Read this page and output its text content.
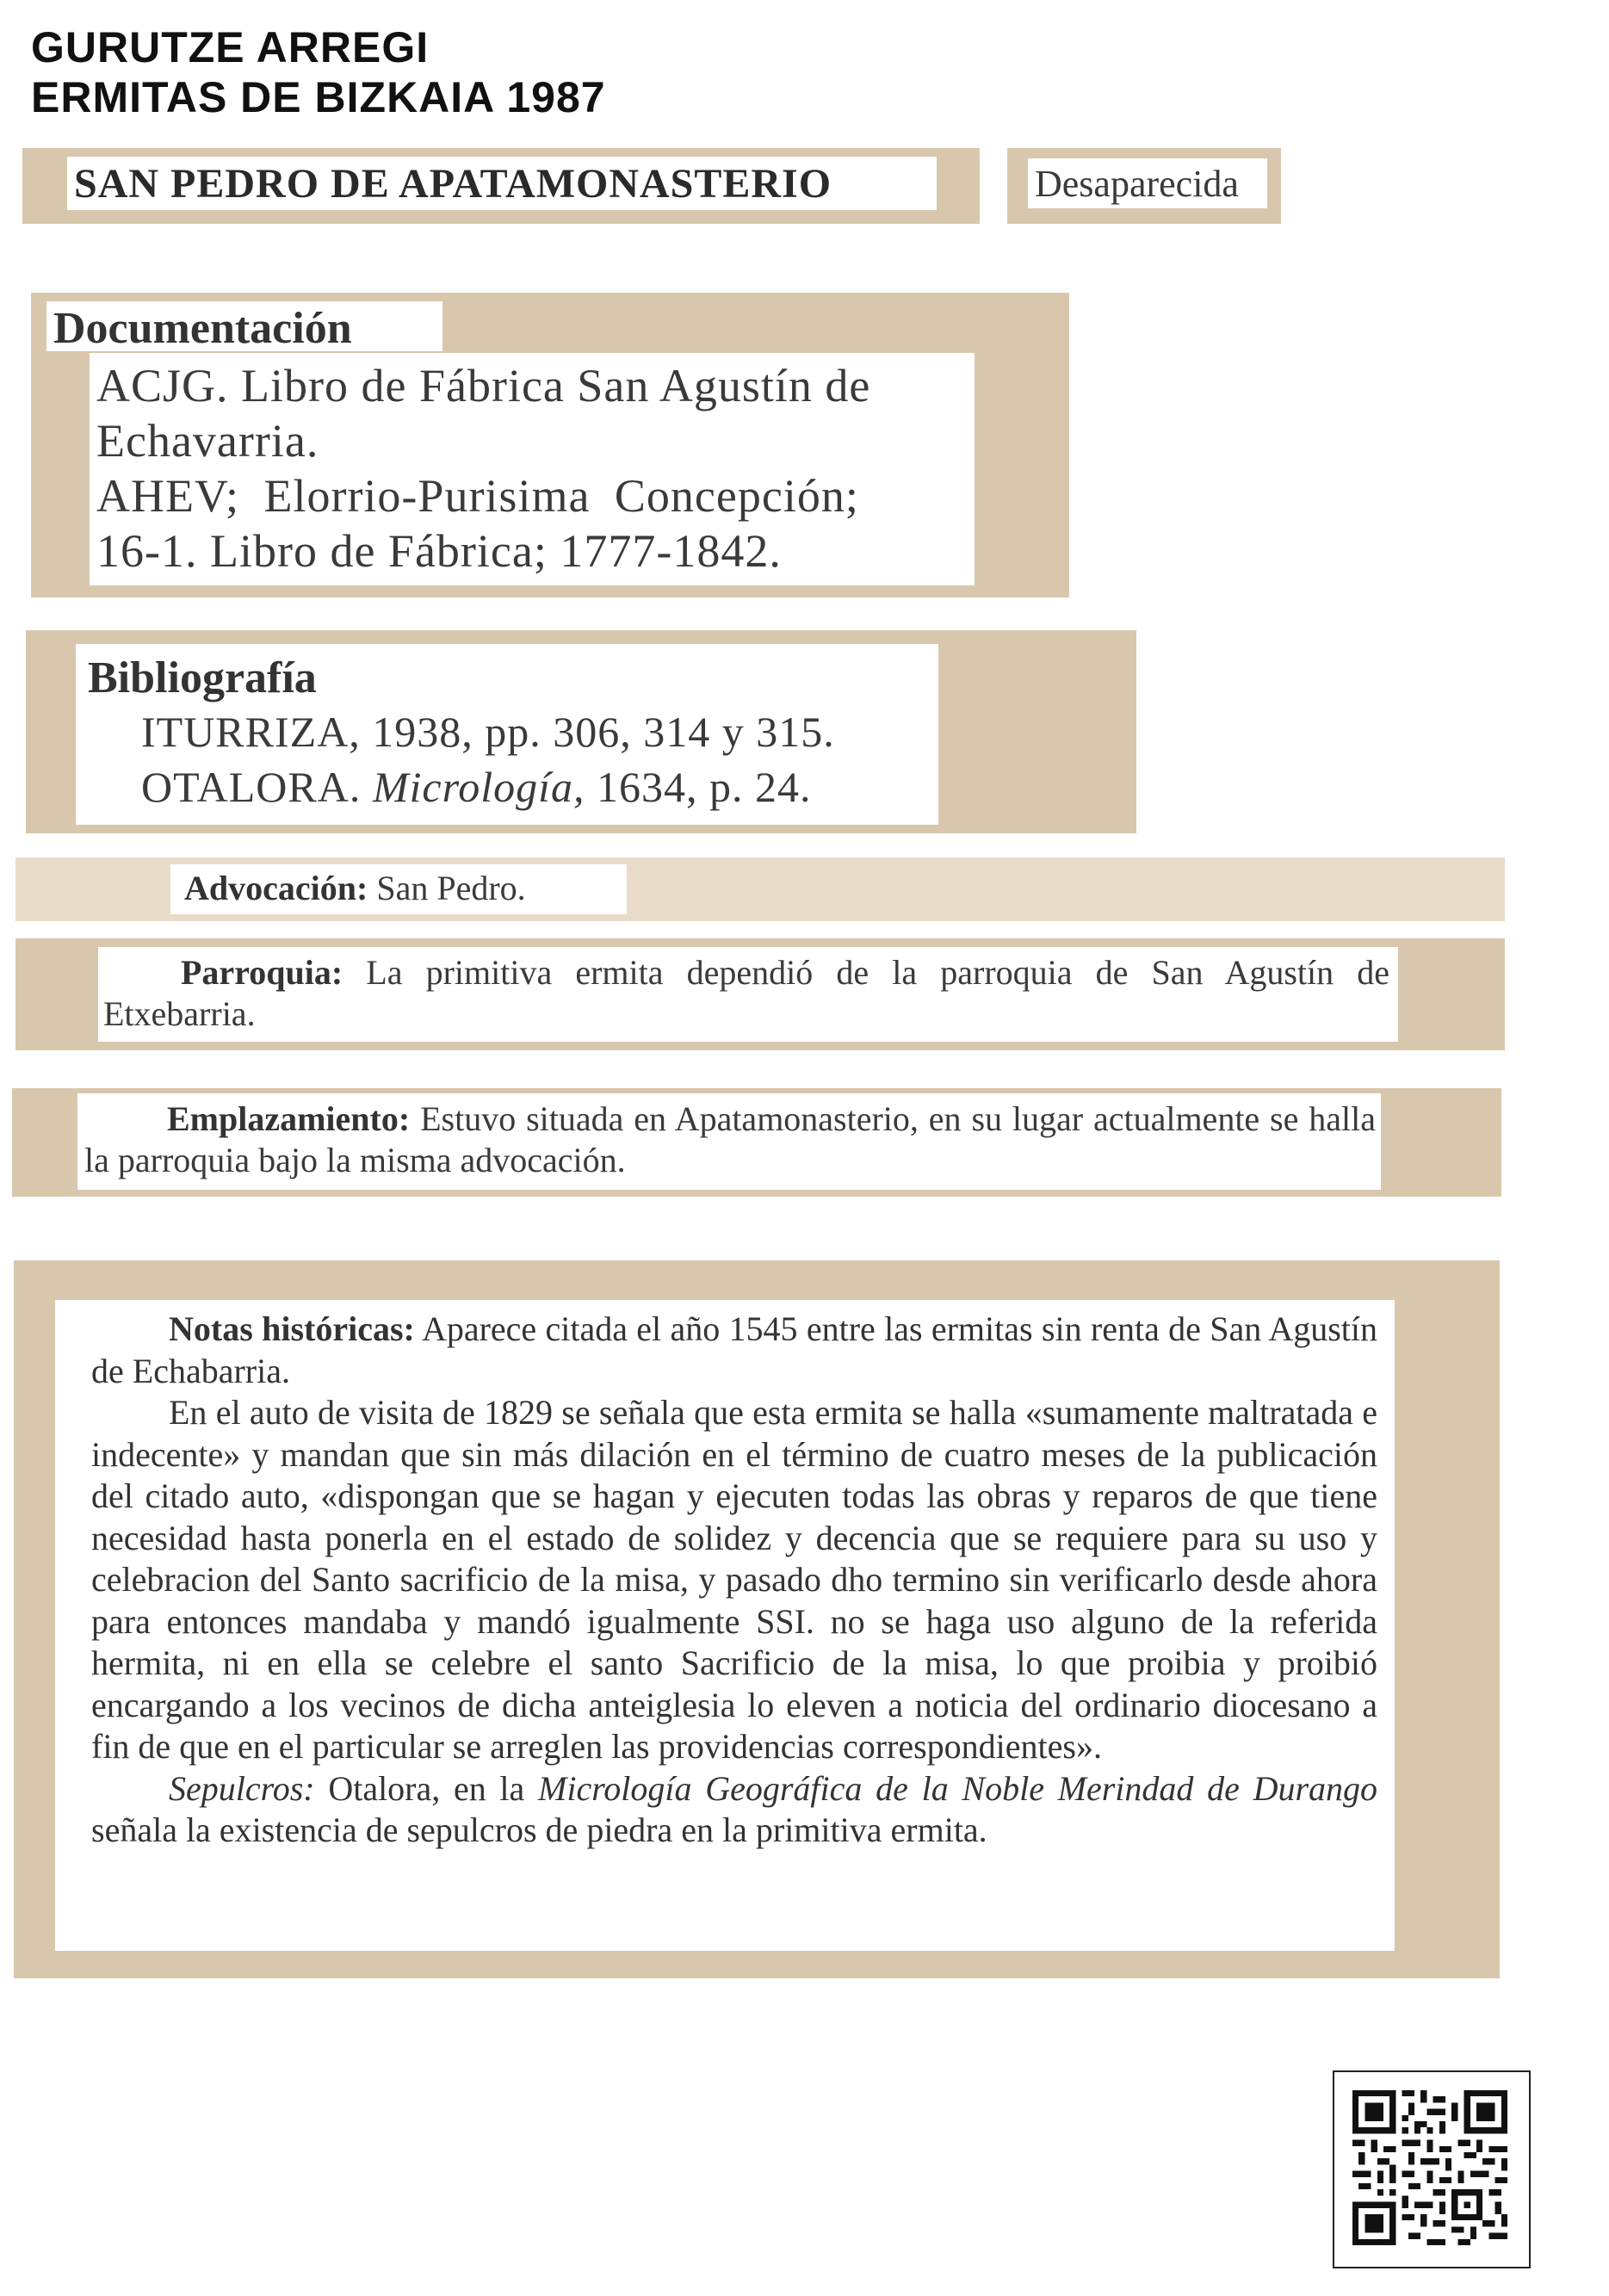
GURUTZE ARREGI
ERMITAS DE BIZKAIA 1987
SAN PEDRO DE APATAMONASTERIO	Desaparecida
Documentación
ACJG. Libro de Fábrica San Agustín de
Echavarria.
AHEV; Elorrio-Purisima Concepción;
16-1. Libro de Fábrica; 1777-1842.
Bibliografía
ITURRIZA, 1938, pp. 306, 314 y 315.
OTALORA. Micrología, 1634, p. 24.
Advocación: San Pedro.
Parroquia: La primitiva ermita dependió de la parroquia de San Agustín de Etxebarria.
Emplazamiento: Estuvo situada en Apatamonasterio, en su lugar actualmente se halla la parroquia bajo la misma advocación.

Notas históricas: Aparece citada el año 1545 entre las ermitas sin renta de San Agustín de Echabarria.

En el auto de visita de 1829 se señala que esta ermita se halla «sumamente maltratada e indecente» y mandan que sin más dilación en el término de cuatro meses de la publicación del citado auto, «dispongan que se hagan y ejecuten todas las obras y reparos de que tiene necesidad hasta ponerla en el estado de solidez y decencia que se requiere para su uso y celebracion del Santo sacrificio de la misa, y pasado dho termino sin verificarlo desde ahora para entonces mandaba y mandó igualmente SSI. no se haga uso alguno de la referida hermita, ni en ella se celebre el santo Sacrificio de la misa, lo que proibia y proibió encargando a los vecinos de dicha anteiglesia lo eleven a noticia del ordinario diocesano a fin de que en el particular se arreglen las providencias correspondientes».

Sepulcros: Otalora, en la Micrología Geográfica de la Noble Merindad de Durango señala la existencia de sepulcros de piedra en la primitiva ermita.
